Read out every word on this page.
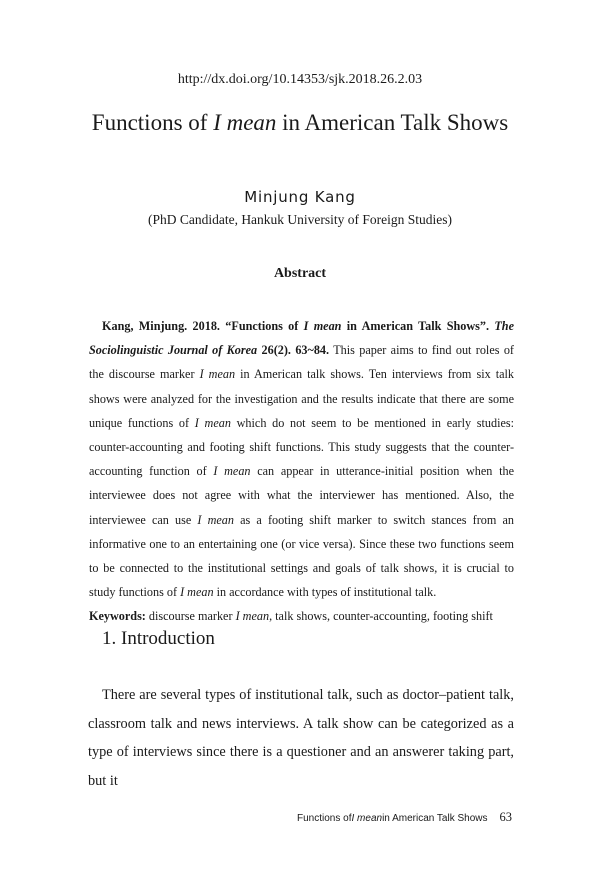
http://dx.doi.org/10.14353/sjk.2018.26.2.03
Functions of I mean in American Talk Shows
Minjung Kang
(PhD Candidate, Hankuk University of Foreign Studies)
Abstract

Kang, Minjung. 2018. “Functions of I mean in American Talk Shows”. The Sociolinguistic Journal of Korea 26(2). 63~84. This paper aims to find out roles of the discourse marker I mean in American talk shows. Ten interviews from six talk shows were analyzed for the investigation and the results indicate that there are some unique functions of I mean which do not seem to be mentioned in early studies: counter-accounting and footing shift functions. This study suggests that the counter-accounting function of I mean can appear in utterance-initial position when the interviewee does not agree with what the interviewer has mentioned. Also, the interviewee can use I mean as a footing shift marker to switch stances from an informative one to an entertaining one (or vice versa). Since these two functions seem to be connected to the institutional settings and goals of talk shows, it is crucial to study functions of I mean in accordance with types of institutional talk.

Keywords: discourse marker I mean, talk shows, counter-accounting, footing shift

1. Introduction

There are several types of institutional talk, such as doctor–patient talk, classroom talk and news interviews. A talk show can be categorized as a type of interviews since there is a questioner and an answerer taking part, but it

Functions of I mean in American Talk Shows 63
